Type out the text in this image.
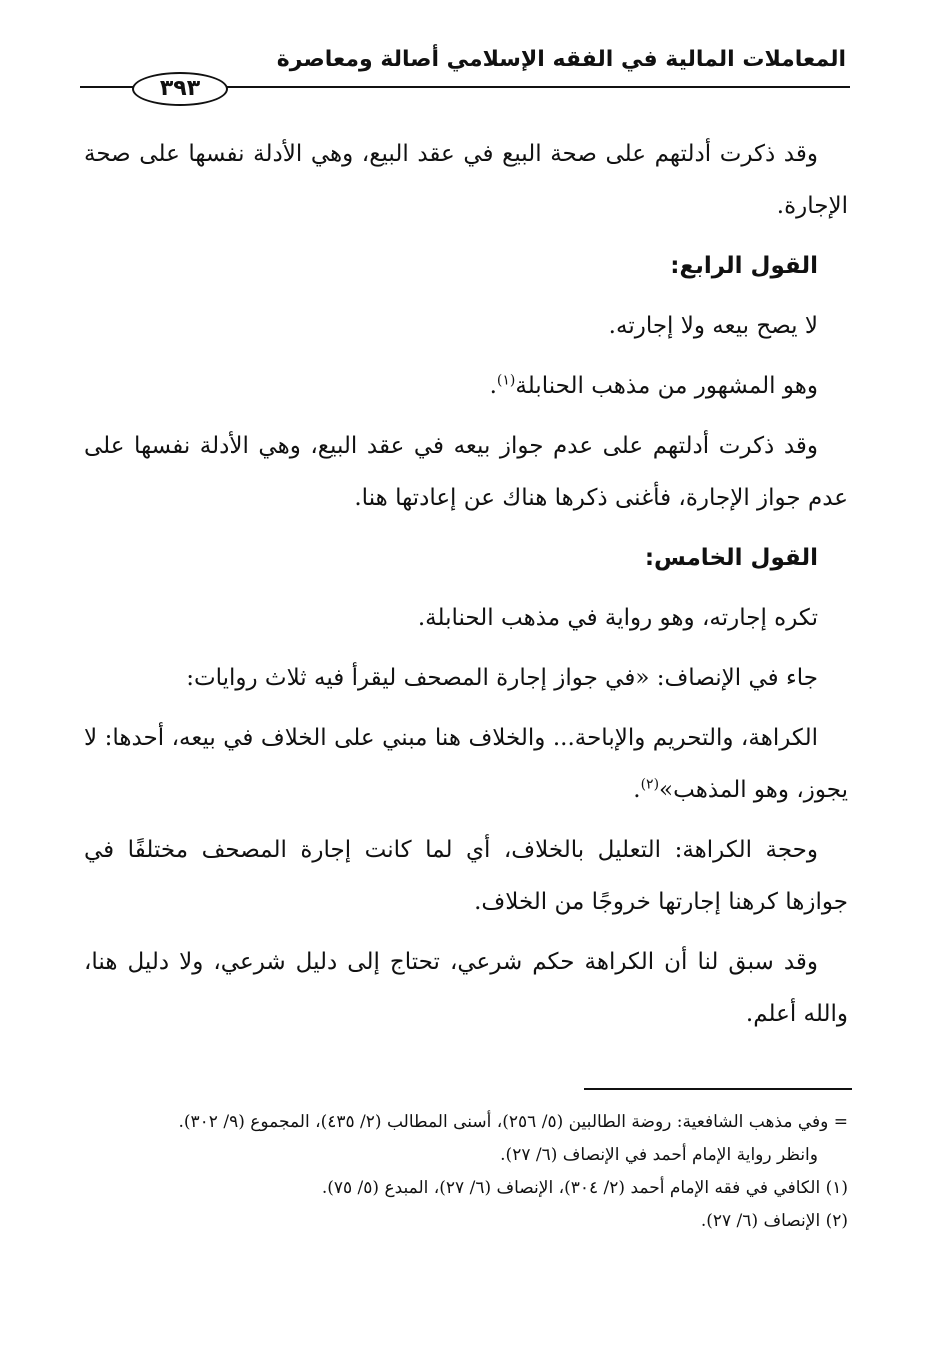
المعاملات المالية في الفقه الإسلامي أصالة ومعاصرة
٣٩٣

وقد ذكرت أدلتهم على صحة البيع في عقد البيع، وهي الأدلة نفسها على صحة الإجارة.

القول الرابع:

لا يصح بيعه ولا إجارته.

وهو المشهور من مذهب الحنابلة$^{(١)}$.

وقد ذكرت أدلتهم على عدم جواز بيعه في عقد البيع، وهي الأدلة نفسها على عدم جواز الإجارة، فأغنى ذكرها هناك عن إعادتها هنا.

القول الخامس:

تكره إجارته، وهو رواية في مذهب الحنابلة.

جاء في الإنصاف: «في جواز إجارة المصحف ليقرأ فيه ثلاث روايات:

الكراهة، والتحريم والإباحة... والخلاف هنا مبني على الخلاف في بيعه، أحدها: لا يجوز، وهو المذهب»$^{(٢)}$.

وحجة الكراهة: التعليل بالخلاف، أي لما كانت إجارة المصحف مختلفًا في جوازها كرهنا إجارتها خروجًا من الخلاف.

وقد سبق لنا أن الكراهة حكم شرعي، تحتاج إلى دليل شرعي، ولا دليل هنا، والله أعلم.

= وفي مذهب الشافعية: روضة الطالبين (٥/ ٢٥٦)، أسنى المطالب (٢/ ٤٣٥)، المجموع (٩/ ٣٠٢).

وانظر رواية الإمام أحمد في الإنصاف (٦/ ٢٧).

(١) الكافي في فقه الإمام أحمد (٢/ ٣٠٤)، الإنصاف (٦/ ٢٧)، المبدع (٥/ ٧٥).

(٢) الإنصاف (٦/ ٢٧).
